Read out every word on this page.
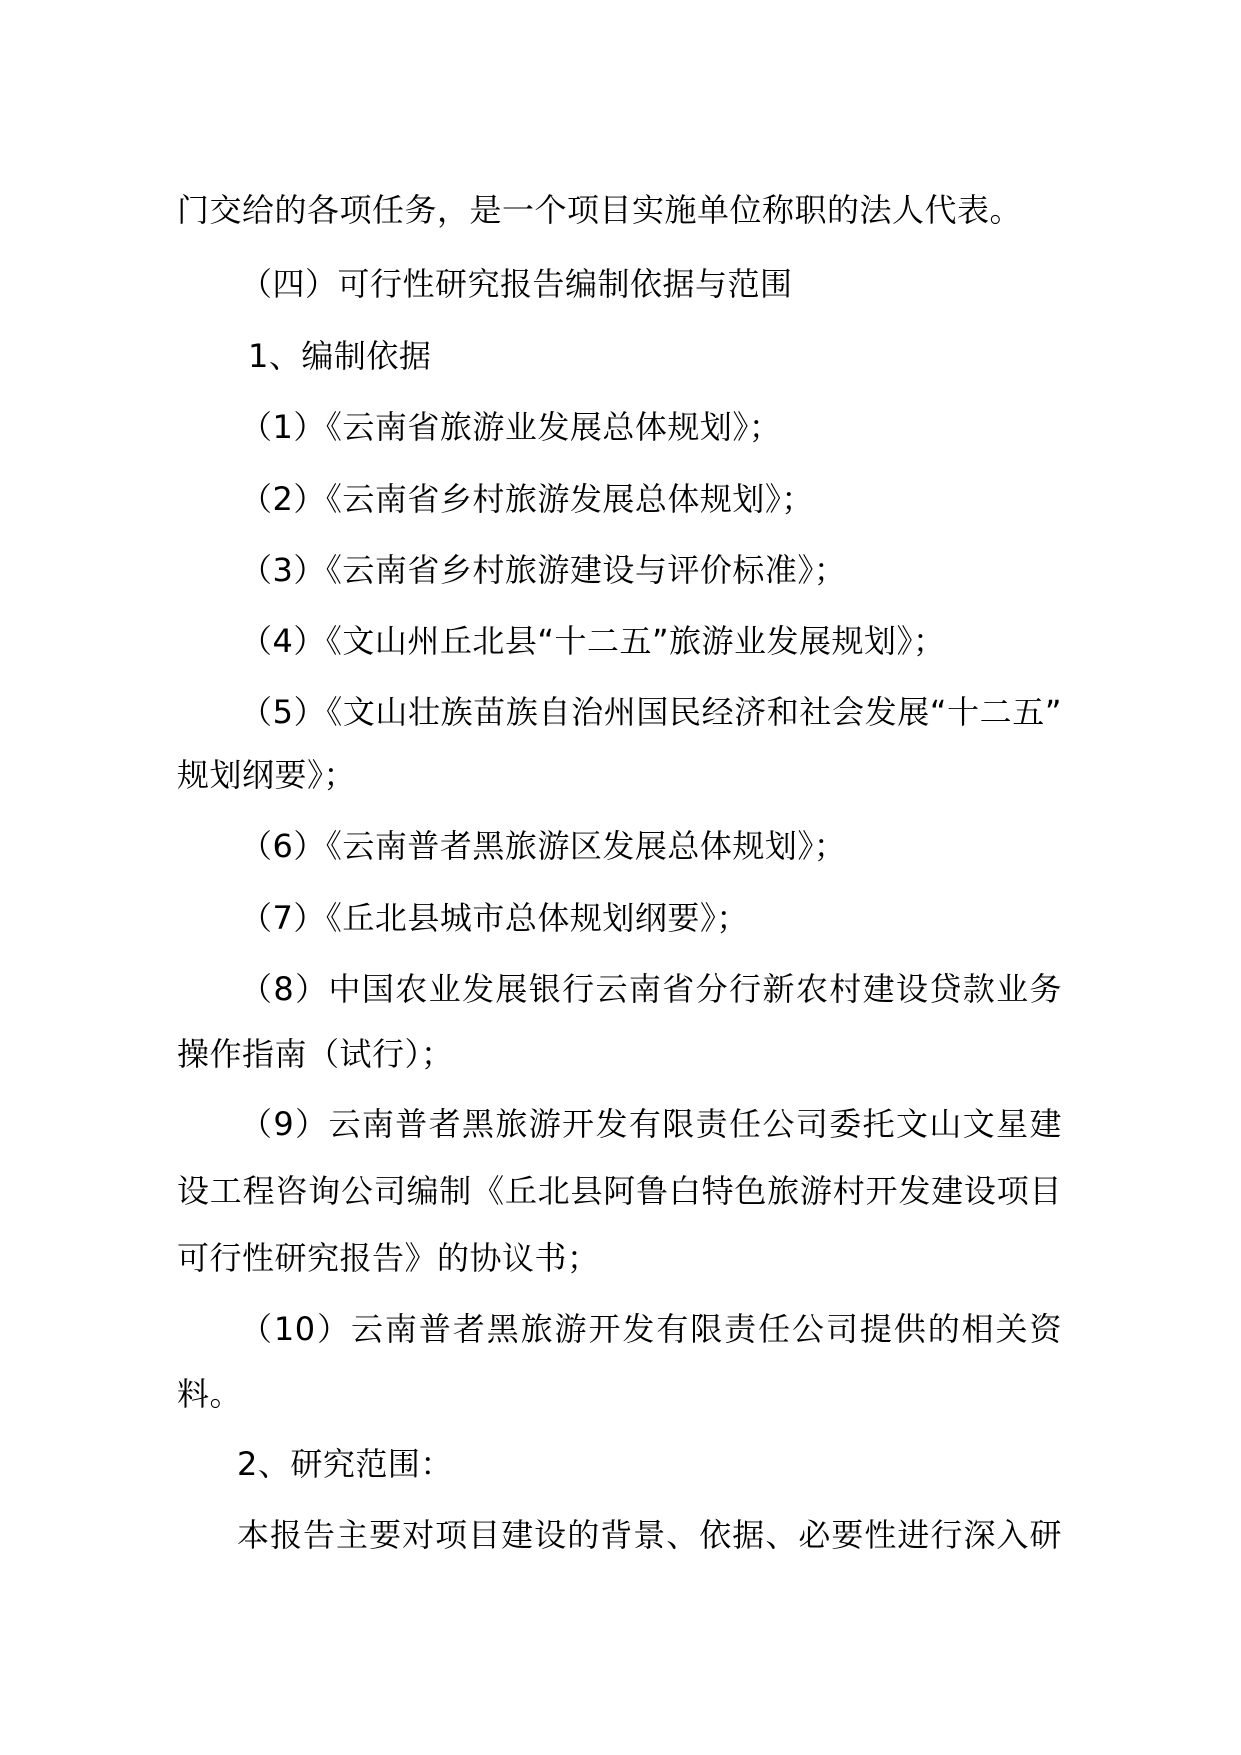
门交给的各项任务，是一个项目实施单位称职的法人代表。
（四）可行性研究报告编制依据与范围
1、编制依据
（1）《云南省旅游业发展总体规划》；
（2）《云南省乡村旅游发展总体规划》；
（3）《云南省乡村旅游建设与评价标准》；
（4）《文山州丘北县“十二五”旅游业发展规划》；
（5）《文山壮族苗族自治州国民经济和社会发展“十二五”
规划纲要》；
（6）《云南普者黑旅游区发展总体规划》；
（7）《丘北县城市总体规划纲要》；
（8）中国农业发展银行云南省分行新农村建设贷款业务
操作指南（试行）；
（9）云南普者黑旅游开发有限责任公司委托文山文星建
设工程咨询公司编制《丘北县阿鲁白特色旅游村开发建设项目
可行性研究报告》的协议书；
（10）云南普者黑旅游开发有限责任公司提供的相关资
料。
2、研究范围：
本报告主要对项目建设的背景、依据、必要性进行深入研
